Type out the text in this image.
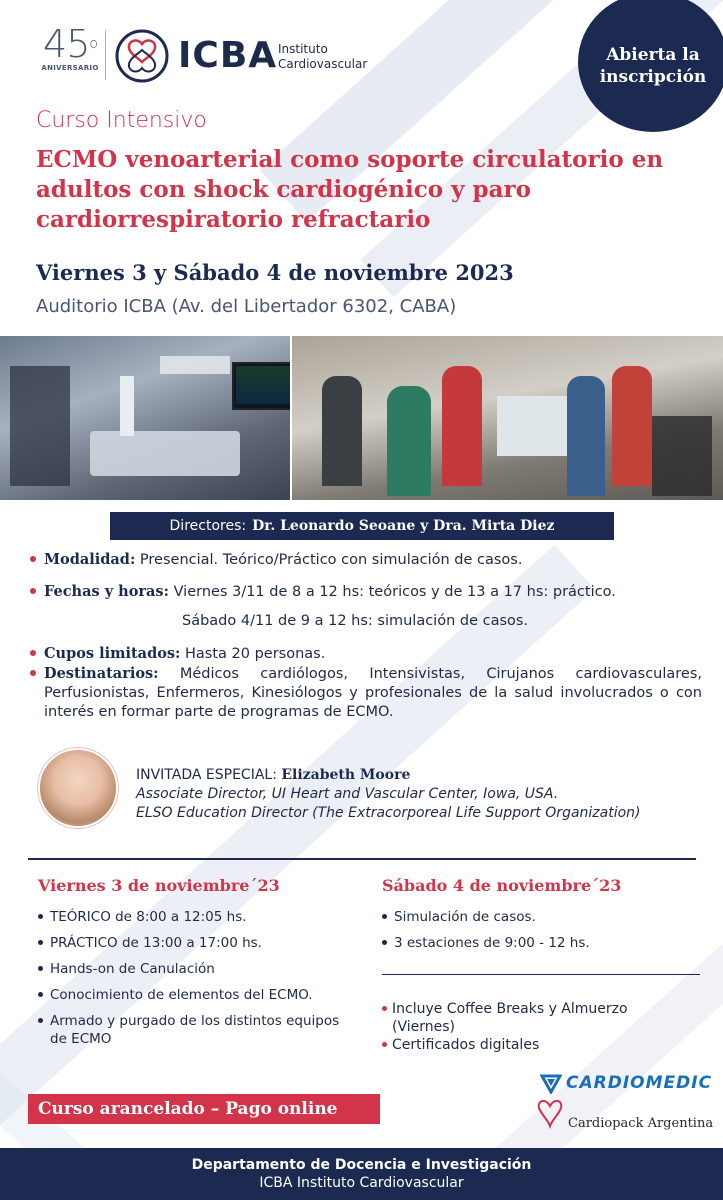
45$^o$
ANIVERSARIO ICBA Instituto
Cardiovascular	Abierta la inscripción
Curso Intensivo
ECMO venoarterial como soporte circulatorio en adultos con shock cardiogénico y paro cardiorrespiratorio refractario
Viernes 3 y Sábado 4 de noviembre 2023
Auditorio ICBA (Av. del Libertador 6302, CABA)
Directores: Dr. Leonardo Seoane y Dra. Mirta Diez
Modalidad: Presencial. Teórico/Práctico con simulación de casos.
Fechas y horas: Viernes 3/11 de 8 a 12 hs: teóricos y de 13 a 17 hs: práctico.
Sábado 4/11 de 9 a 12 hs: simulación de casos.
Cupos limitados: Hasta 20 personas.
Destinatarios: Médicos cardiólogos, Intensivistas, Cirujanos cardiovasculares, Perfusionistas, Enfermeros, Kinesiólogos y profesionales de la salud involucrados o con interés en formar parte de programas de ECMO.
INVITADA ESPECIAL: Elizabeth Moore
Associate Director, UI Heart and Vascular Center, Iowa, USA.
ELSO Education Director (The Extracorporeal Life Support Organization)
Viernes 3 de noviembre´23	Sábado 4 de noviembre´23
TEÓRICO de 8:00 a 12:05 hs.
PRÁCTICO de 13:00 a 17:00 hs.
Hands-on de Canulación
Conocimiento de elementos del ECMO.
Armado y purgado de los distintos equipos de ECMO
Simulación de casos.
3 estaciones de 9:00 - 12 hs.
Incluye Coffee Breaks y Almuerzo (Viernes)
Certificados digitales
Curso arancelado – Pago online
CARDIOMEDIC
Cardiopack Argentina
Departamento de Docencia e Investigación
ICBA Instituto Cardiovascular
